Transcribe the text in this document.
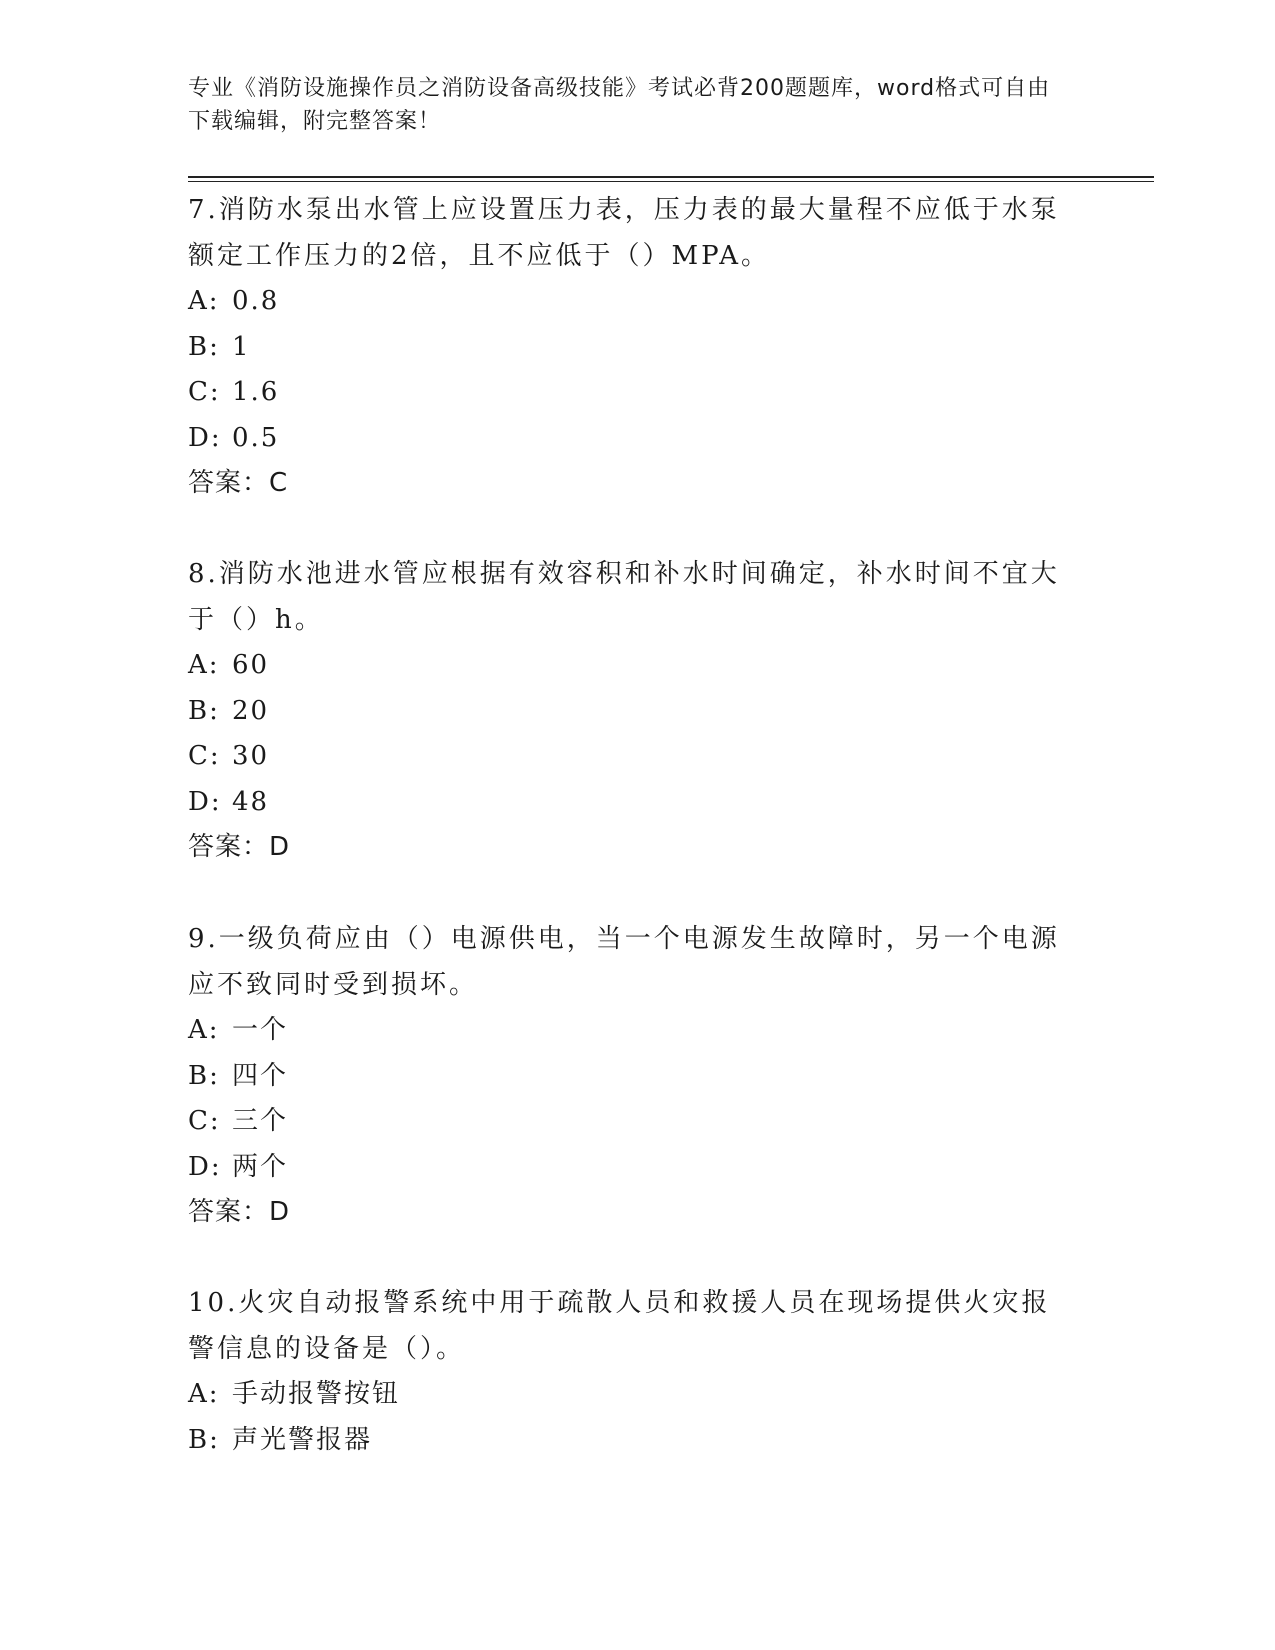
专业《消防设施操作员之消防设备高级技能》考试必背200题题库，word格式可自由下载编辑，附完整答案！

7.消防水泵出水管上应设置压力表，压力表的最大量程不应低于水泵额定工作压力的2倍，且不应低于（）MPA。

A: 0.8

B: 1

C: 1.6

D: 0.5

答案：C

8.消防水池进水管应根据有效容积和补水时间确定，补水时间不宜大于（）h。

A: 60

B: 20

C: 30

D: 48

答案：D

9.一级负荷应由（）电源供电，当一个电源发生故障时，另一个电源应不致同时受到损坏。

A: 一个

B: 四个

C: 三个

D: 两个

答案：D

10.火灾自动报警系统中用于疏散人员和救援人员在现场提供火灾报警信息的设备是（）。

A: 手动报警按钮

B: 声光警报器
